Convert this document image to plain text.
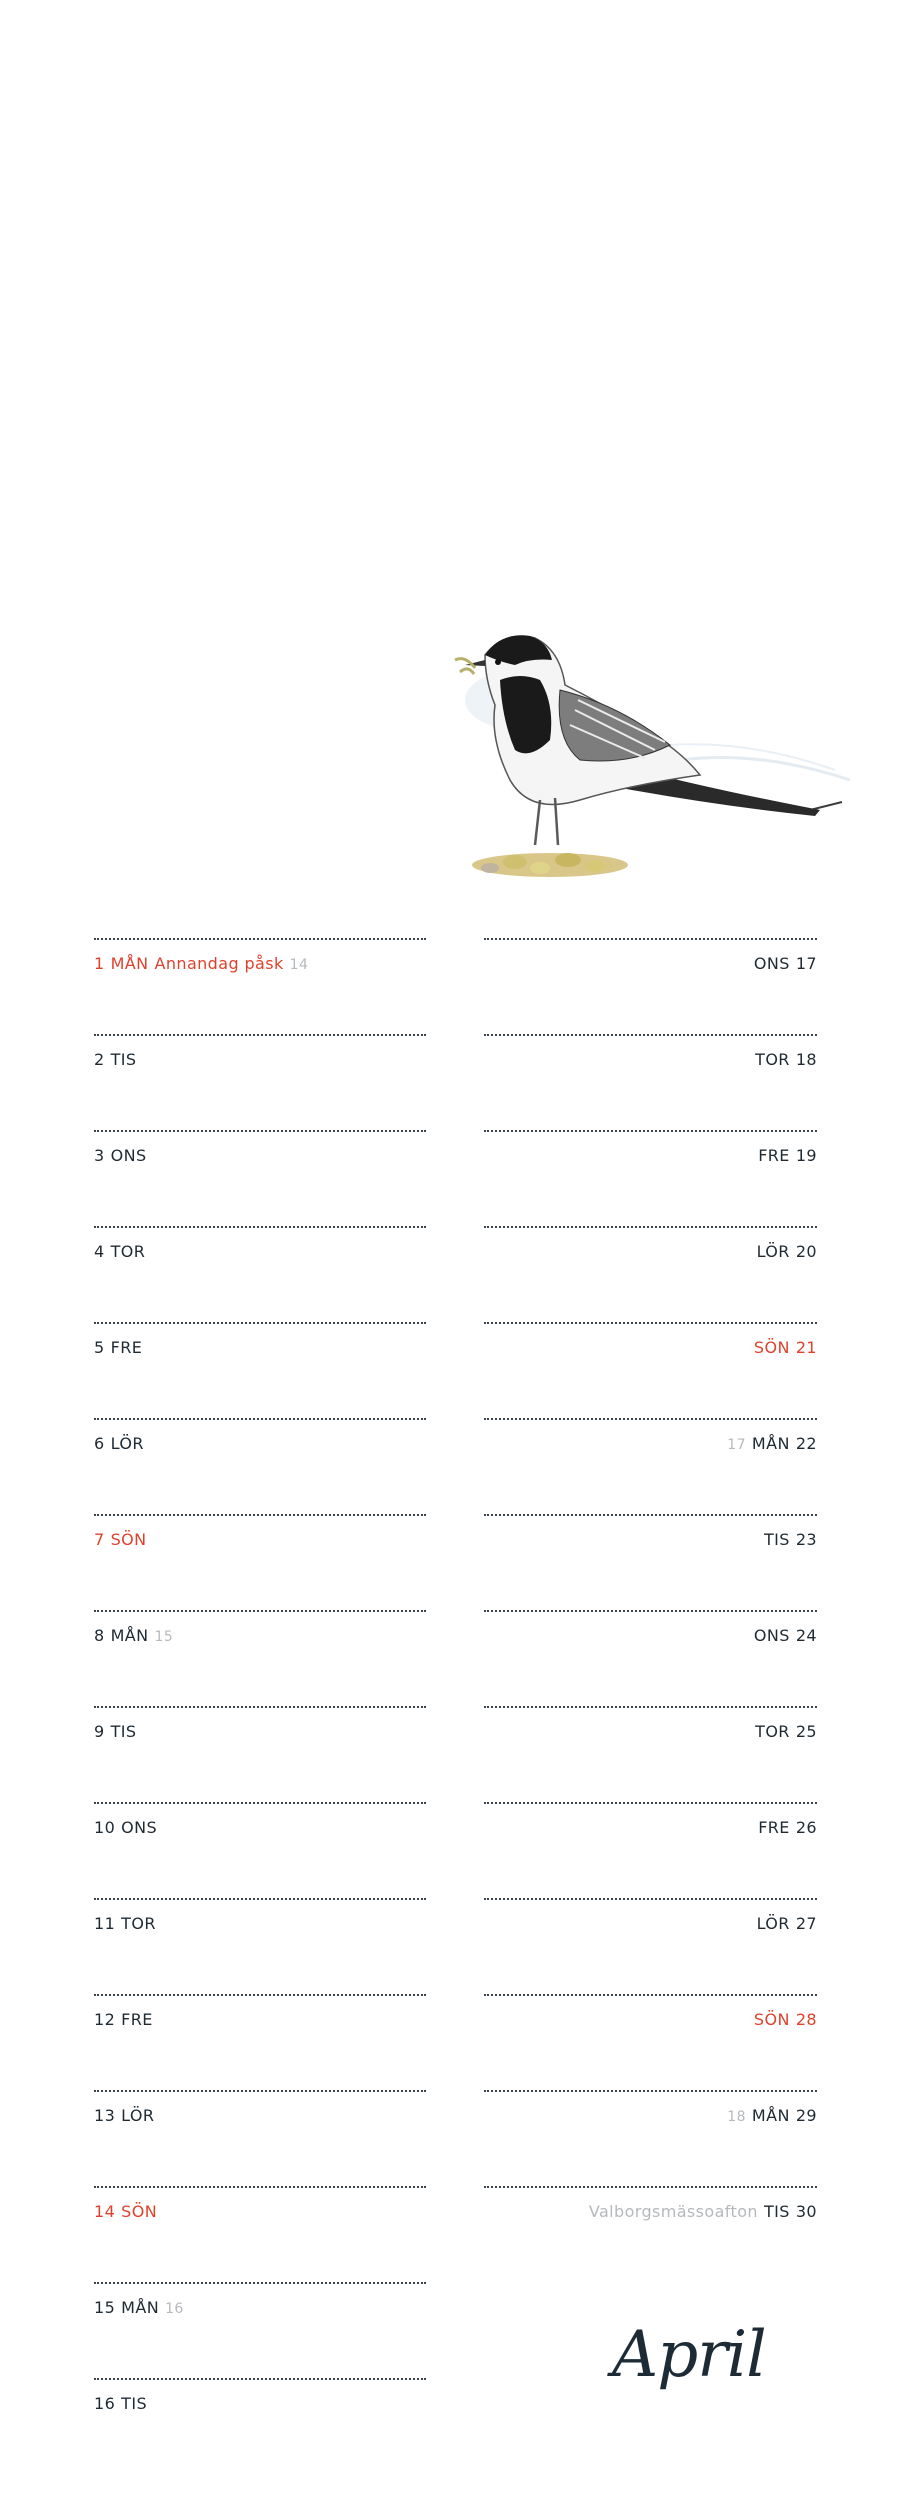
1 MÅN Annandag påsk 14
2 TIS
3 ONS
4 TOR
5 FRE
6 LÖR
7 SÖN
8 MÅN 15
9 TIS
10 ONS
11 TOR
12 FRE
13 LÖR
14 SÖN
15 MÅN 16
16 TIS
ONS 17
TOR 18
FRE 19
LÖR 20
SÖN 21
17 MÅN 22
TIS 23
ONS 24
TOR 25
FRE 26
LÖR 27
SÖN 28
18 MÅN 29
Valborgsmässoafton TIS 30
April
